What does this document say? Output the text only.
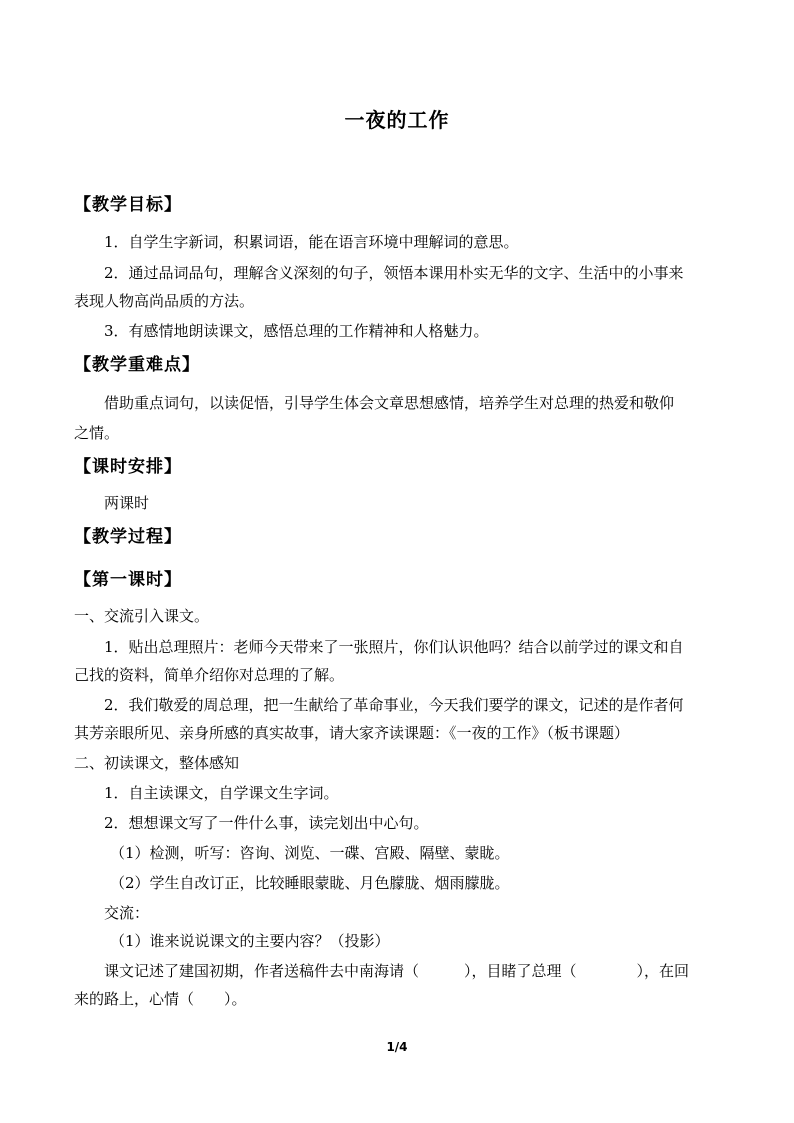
一夜的工作
【教学目标】
1．自学生字新词，积累词语，能在语言环境中理解词的意思。
2．通过品词品句，理解含义深刻的句子，领悟本课用朴实无华的文字、生活中的小事来
表现人物高尚品质的方法。
3．有感情地朗读课文，感悟总理的工作精神和人格魅力。
【教学重难点】
借助重点词句，以读促悟，引导学生体会文章思想感情，培养学生对总理的热爱和敬仰
之情。
【课时安排】
两课时
【教学过程】
【第一课时】
一、交流引入课文。
1．贴出总理照片：老师今天带来了一张照片，你们认识他吗？结合以前学过的课文和自
己找的资料，简单介绍你对总理的了解。
2．我们敬爱的周总理，把一生献给了革命事业，今天我们要学的课文，记述的是作者何
其芳亲眼所见、亲身所感的真实故事，请大家齐读课题：《一夜的工作》（板书课题）
二、初读课文，整体感知
1．自主读课文，自学课文生字词。
2．想想课文写了一件什么事，读完划出中心句。
（1）检测，听写：咨询、浏览、一碟、宫殿、隔壁、蒙眬。
（2）学生自改订正，比较睡眼蒙眬、月色朦胧、烟雨朦胧。
交流：
（1）谁来说说课文的主要内容？（投影）
课文记述了建国初期，作者送稿件去中南海请（　　　），目睹了总理（　　　　），在回
来的路上，心情（　　）。
1/4
